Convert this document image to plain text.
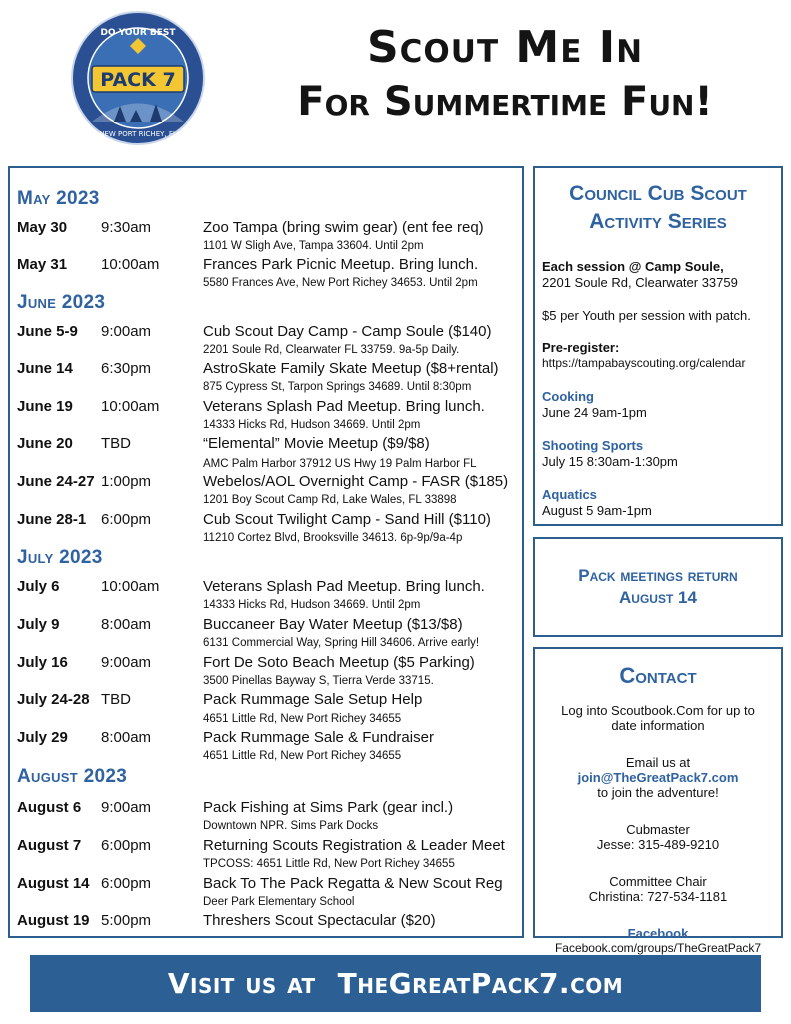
PACK 7
DO YOUR BEST
NEW PORT RICHEY, FL
Scout Me In
For Summertime Fun!
May 2023
May 30 9:30am	Zoo Tampa (bring swim gear) (ent fee req)
1101 W Sligh Ave, Tampa 33604. Until 2pm
May 31 10:00am	Frances Park Picnic Meetup. Bring lunch.
5580 Frances Ave, New Port Richey 34653. Until 2pm
June 2023
June 5-9 9:00am	Cub Scout Day Camp - Camp Soule ($140)
2201 Soule Rd, Clearwater FL 33759. 9a-5p Daily.
June 14 6:30pm	AstroSkate Family Skate Meetup ($8+rental)
875 Cypress St, Tarpon Springs 34689. Until 8:30pm
June 19 10:00am	Veterans Splash Pad Meetup. Bring lunch.
14333 Hicks Rd, Hudson 34669. Until 2pm
June 20 TBD	“Elemental” Movie Meetup ($9/$8)
AMC Palm Harbor 37912 US Hwy 19 Palm Harbor FL
June 24-27 1:00pm	Webelos/AOL Overnight Camp - FASR ($185)
1201 Boy Scout Camp Rd, Lake Wales, FL 33898
June 28-1 6:00pm	Cub Scout Twilight Camp - Sand Hill ($110)
11210 Cortez Blvd, Brooksville 34613. 6p-9p/9a-4p
July 2023
July 6	10:00am	Veterans Splash Pad Meetup. Bring lunch.
14333 Hicks Rd, Hudson 34669. Until 2pm
July 9	8:00am	Buccaneer Bay Water Meetup ($13/$8)
6131 Commercial Way, Spring Hill 34606. Arrive early!
July 16 9:00am	Fort De Soto Beach Meetup ($5 Parking)
3500 Pinellas Bayway S, Tierra Verde 33715.
July 24-28 TBD	Pack Rummage Sale Setup Help
4651 Little Rd, New Port Richey 34655
July 29 8:00am	Pack Rummage Sale & Fundraiser
4651 Little Rd, New Port Richey 34655
August 2023
August 6 9:00am	Pack Fishing at Sims Park (gear incl.)
Downtown NPR. Sims Park Docks
August 7 6:00pm	Returning Scouts Registration & Leader Meet
TPCOSS: 4651 Little Rd, New Port Richey 34655
August 14 6:00pm	Back To The Pack Regatta & New Scout Reg
Deer Park Elementary School
August 19 5:00pm	Threshers Scout Spectacular ($20)
Council Cub Scout
Activity Series
Each session @ Camp Soule,
2201 Soule Rd, Clearwater 33759
$5 per Youth per session with patch.
Pre-register:
https://tampabayscouting.org/calendar
Cooking
June 24 9am-1pm
Shooting Sports
July 15 8:30am-1:30pm
Aquatics
August 5 9am-1pm
Pack meetings return
August 14
Contact
Log into Scoutbook.Com for up to
date information
Email us at
join@TheGreatPack7.com
to join the adventure!
Cubmaster
Jesse: 315-489-9210
Committee Chair
Christina: 727-534-1181
Facebook
Facebook.com/groups/TheGreatPack7
Visit us at TheGreatPack7.com
